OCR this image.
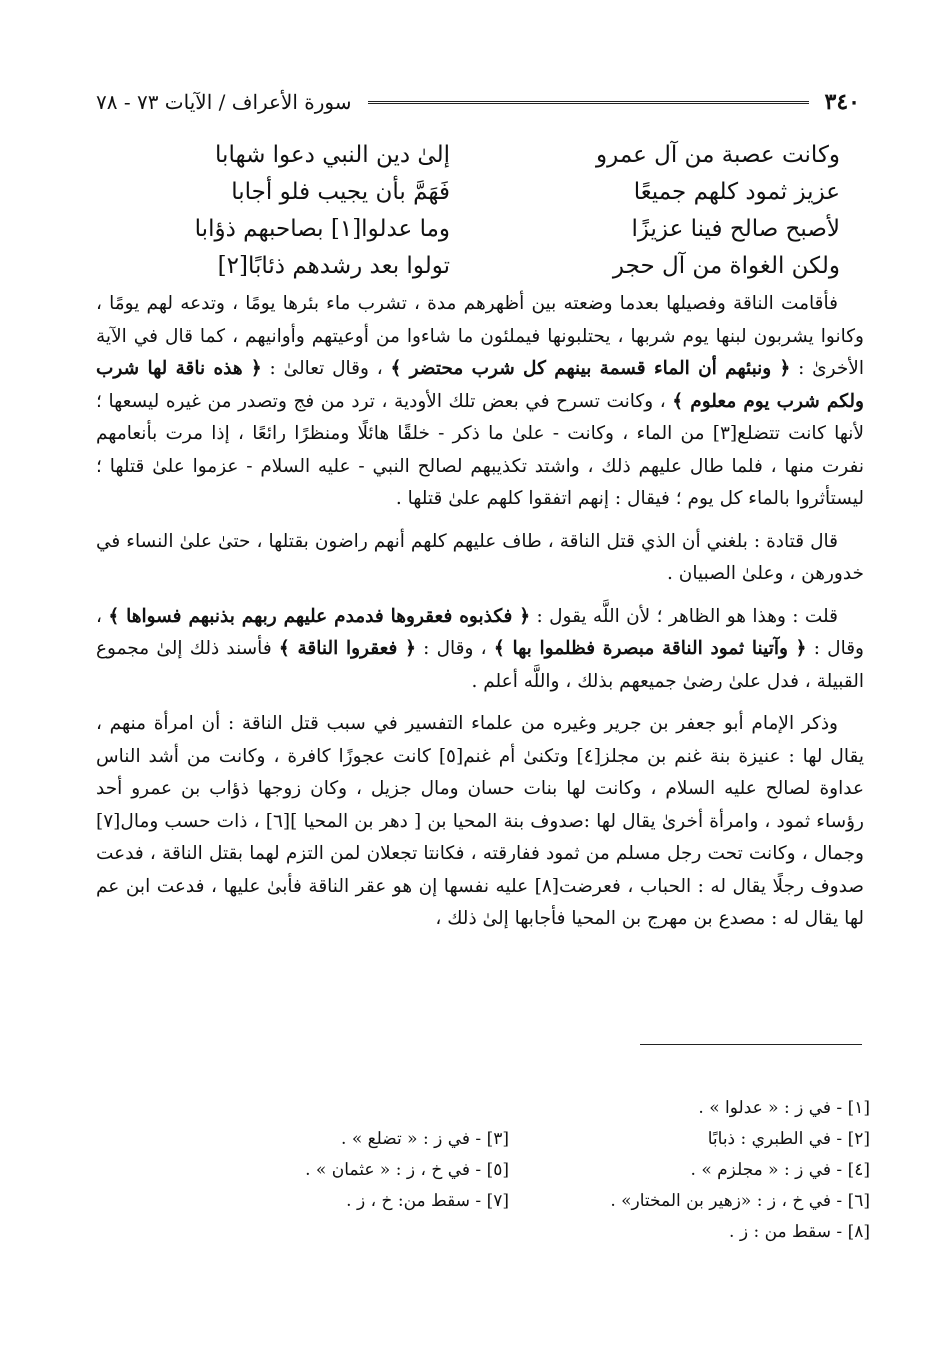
٣٤٠
سورة الأعراف / الآيات ٧٣ - ٧٨
وكانت عصبة من آل عمرو
إلىٰ دين النبي دعوا شهابا
عزيز ثمود كلهم جميعًا
فَهَمَّ بأن يجيب فلو أجابا
لأصبح صالح فينا عزيزًا
وما عدلوا[١] بصاحبهم ذؤابا
ولكن الغواة من آل حجر
تولوا بعد رشدهم ذئابًا[٢]

فأقامت الناقة وفصيلها بعدما وضعته بين أظهرهم مدة ، تشرب ماء بئرها يومًا ، وتدعه لهم يومًا ، وكانوا يشربون لبنها يوم شربها ، يحتلبونها فيملئون ما شاءوا من أوعيتهم وأوانيهم ، كما قال في الآية الأخرىٰ : ﴿ ونبئهم أن الماء قسمة بينهم كل شرب محتضر ﴾ ، وقال تعالىٰ : ﴿ هذه ناقة لها شرب ولكم شرب يوم معلوم ﴾ ، وكانت تسرح في بعض تلك الأودية ، ترد من فج وتصدر من غيره ليسعها ؛ لأنها كانت تتضلع[٣] من الماء ، وكانت - علىٰ ما ذكر - خلقًا هائلًا ومنظرًا رائعًا ، إذا مرت بأنعامهم نفرت منها ، فلما طال عليهم ذلك ، واشتد تكذيبهم لصالح النبي - عليه السلام - عزموا علىٰ قتلها ؛ ليستأثروا بالماء كل يوم ؛ فيقال : إنهم اتفقوا كلهم علىٰ قتلها .

قال قتادة : بلغني أن الذي قتل الناقة ، طاف عليهم كلهم أنهم راضون بقتلها ، حتىٰ علىٰ النساء في خدورهن ، وعلىٰ الصبيان .

قلت : وهذا هو الظاهر ؛ لأن اللَّه يقول : ﴿ فكذبوه فعقروها فدمدم عليهم ربهم بذنبهم فسواها ﴾ ، وقال : ﴿ وآتينا ثمود الناقة مبصرة فظلموا بها ﴾ ، وقال : ﴿ فعقروا الناقة ﴾ فأسند ذلك إلىٰ مجموع القبيلة ، فدل علىٰ رضىٰ جميعهم بذلك ، واللَّه أعلم .

وذكر الإمام أبو جعفر بن جرير وغيره من علماء التفسير في سبب قتل الناقة : أن امرأة منهم ، يقال لها : عنيزة بنة غنم بن مجلز[٤] وتكنىٰ أم غنم[٥] كانت عجوزًا كافرة ، وكانت من أشد الناس عداوة لصالح عليه السلام ، وكانت لها بنات حسان ومال جزيل ، وكان زوجها ذؤاب بن عمرو أحد رؤساء ثمود ، وامرأة أخرىٰ يقال لها :صدوف بنة المحيا بن [ دهر بن المحيا ][٦] ، ذات حسب ومال[٧] وجمال ، وكانت تحت رجل مسلم من ثمود ففارقته ، فكانتا تجعلان لمن التزم لهما بقتل الناقة ، فدعت صدوف رجلًا يقال له : الحباب ، فعرضت[٨] عليه نفسها إن هو عقر الناقة فأبىٰ عليها ، فدعت ابن عم لها يقال له : مصدع بن مهرج بن المحيا فأجابها إلىٰ ذلك ،

[١] - في ز : « عدلوا » .
[٢] - في الطبري : ذبابًا
[٣] - في ز : « تضلع » .
[٤] - في ز : « مجلزم » .
[٥] - في خ ، ز : « عثمان » .
[٦] - في خ ، ز : «زهير بن المختار» .
[٧] - سقط من: خ ، ز .
[٨] - سقط من : ز .
